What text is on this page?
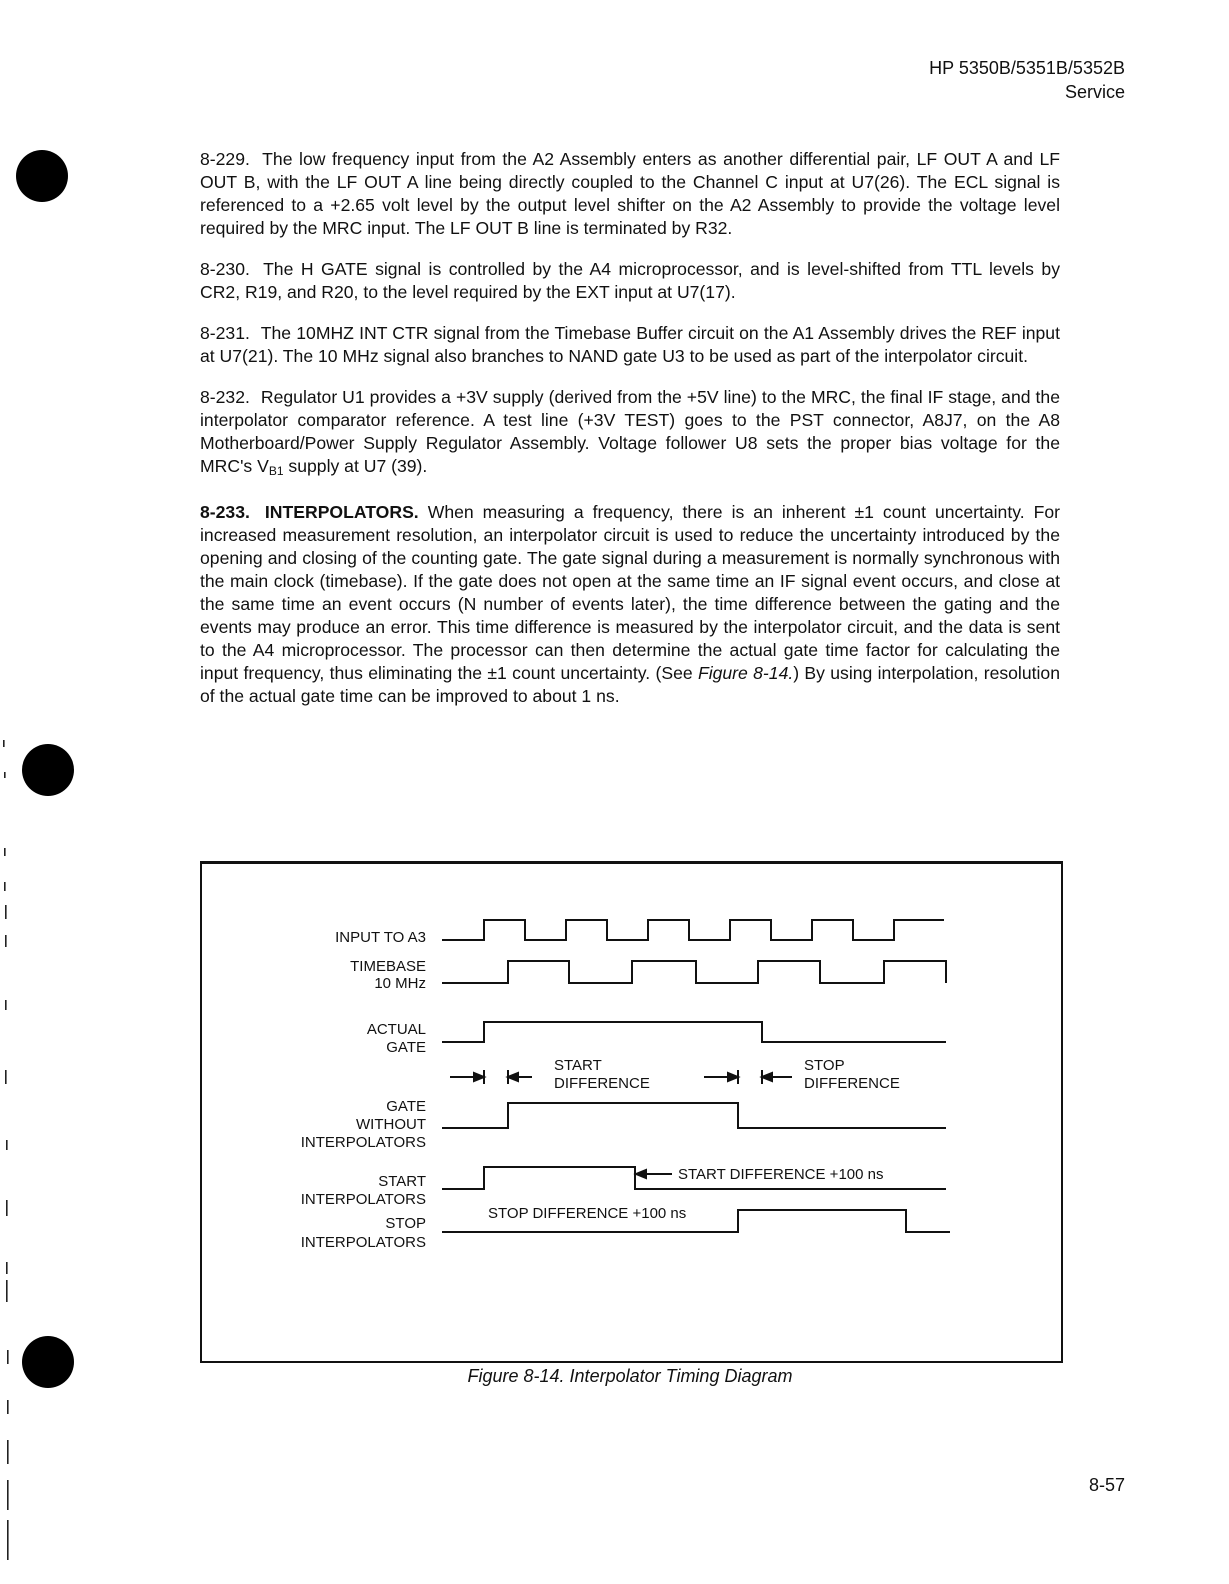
HP 5350B/5351B/5352B
Service

8-229. The low frequency input from the A2 Assembly enters as another differential pair, LF OUT A and LF OUT B, with the LF OUT A line being directly coupled to the Channel C input at U7(26). The ECL signal is referenced to a +2.65 volt level by the output level shifter on the A2 Assembly to provide the voltage level required by the MRC input. The LF OUT B line is terminated by R32.

8-230. The H GATE signal is controlled by the A4 microprocessor, and is level-shifted from TTL levels by CR2, R19, and R20, to the level required by the EXT input at U7(17).

8-231. The 10MHZ INT CTR signal from the Timebase Buffer circuit on the A1 Assembly drives the REF input at U7(21). The 10 MHz signal also branches to NAND gate U3 to be used as part of the interpolator circuit.

8-232. Regulator U1 provides a +3V supply (derived from the +5V line) to the MRC, the final IF stage, and the interpolator comparator reference. A test line (+3V TEST) goes to the PST connector, A8J7, on the A8 Motherboard/Power Supply Regulator Assembly. Voltage follower U8 sets the proper bias voltage for the MRC's $V_{B1}$ supply at U7 (39).

8-233. INTERPOLATORS. When measuring a frequency, there is an inherent ±1 count uncertainty. For increased measurement resolution, an interpolator circuit is used to reduce the uncertainty introduced by the opening and closing of the counting gate. The gate signal during a measurement is normally synchronous with the main clock (timebase). If the gate does not open at the same time an IF signal event occurs, and close at the same time an event occurs (N number of events later), the time difference between the gating and the events may produce an error. This time difference is measured by the interpolator circuit, and the data is sent to the A4 microprocessor. The processor can then determine the actual gate time factor for calculating the input frequency, thus eliminating the ±1 count uncertainty. (See Figure 8-14.) By using interpolation, resolution of the actual gate time can be improved to about 1 ns.

INPUT TO A3
TIMEBASE
10 MHz
ACTUAL
GATE
GATE
WITHOUT
INTERPOLATORS
START
INTERPOLATORS
STOP
INTERPOLATORS
START
DIFFERENCE
STOP
DIFFERENCE
START DIFFERENCE +100 ns
STOP DIFFERENCE +100 ns
Figure 8-14. Interpolator Timing Diagram
8-57
